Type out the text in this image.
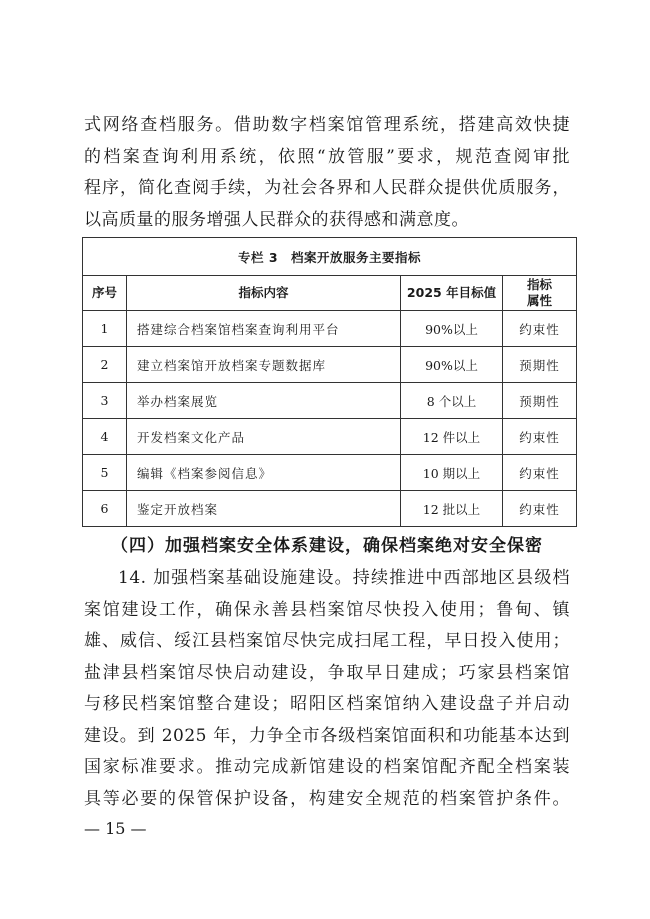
式网络查档服务。借助数字档案馆管理系统，搭建高效快捷
的档案查询利用系统，依照“放管服”要求，规范查阅审批
程序，简化查阅手续，为社会各界和人民群众提供优质服务，
以高质量的服务增强人民群众的获得感和满意度。
专栏 3　档案开放服务主要指标			
序号	指标内容	2025 年目标值	指标
属性
1	搭建综合档案馆档案查询利用平台	90%以上	约束性
2	建立档案馆开放档案专题数据库	90%以上	预期性
3	举办档案展览	8 个以上	预期性
4	开发档案文化产品	12 件以上	约束性
5	编辑《档案参阅信息》	10 期以上	约束性
6	鉴定开放档案	12 批以上	约束性
（四）加强档案安全体系建设，确保档案绝对安全保密
14. 加强档案基础设施建设。持续推进中西部地区县级档
案馆建设工作，确保永善县档案馆尽快投入使用；鲁甸、镇
雄、威信、绥江县档案馆尽快完成扫尾工程，早日投入使用；
盐津县档案馆尽快启动建设，争取早日建成；巧家县档案馆
与移民档案馆整合建设；昭阳区档案馆纳入建设盘子并启动
建设。到 2025 年，力争全市各级档案馆面积和功能基本达到
国家标准要求。推动完成新馆建设的档案馆配齐配全档案装
具等必要的保管保护设备，构建安全规范的档案管护条件。
— 15 —
